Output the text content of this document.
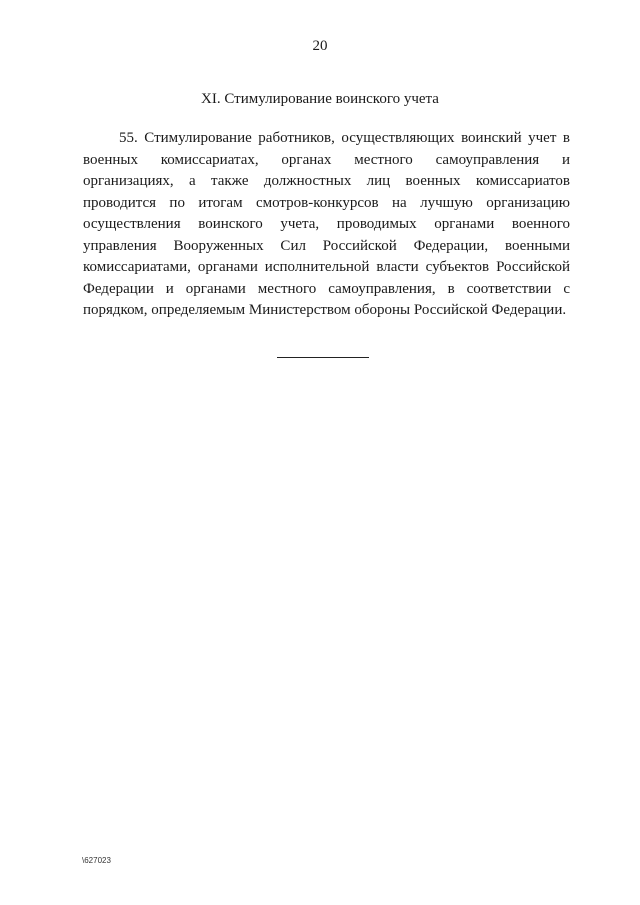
20
XI. Стимулирование воинского учета
55. Стимулирование работников, осуществляющих воинский учет в
военных комиссариатах, органах местного самоуправления и
организациях, а также должностных лиц военных комиссариатов
проводится по итогам смотров-конкурсов на лучшую организацию
осуществления воинского учета, проводимых органами военного
управления Вооруженных Сил Российской Федерации, военными
комиссариатами, органами исполнительной власти субъектов Российской
Федерации и органами местного самоуправления, в соответствии с
порядком, определяемым Министерством обороны Российской Федерации.
\627023
